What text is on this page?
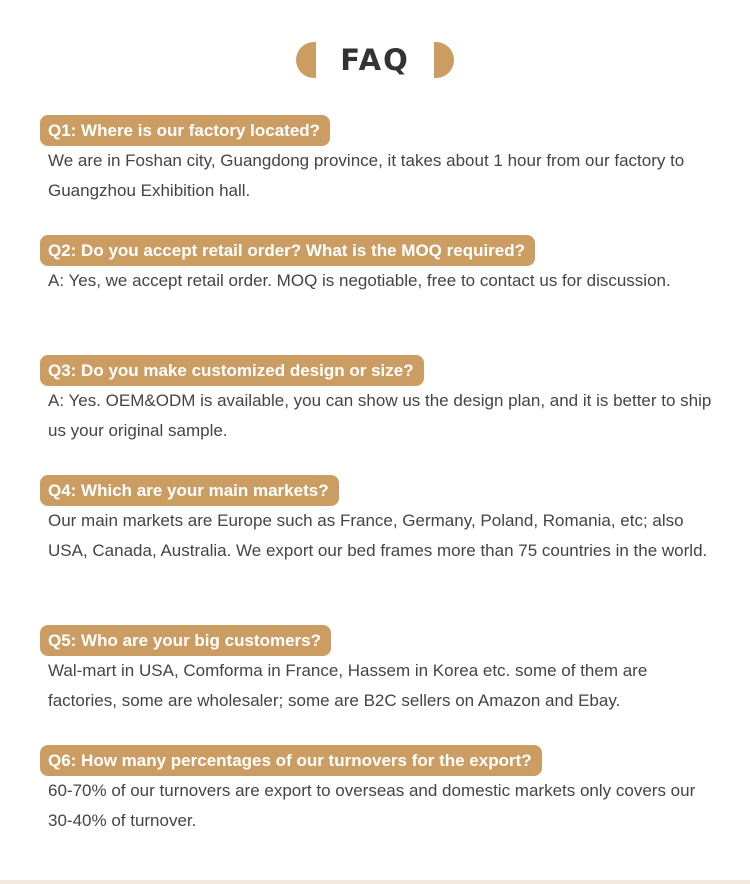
FAQ
Q1: Where is our factory located?

We are in Foshan city, Guangdong province, it takes about 1 hour from our factory to Guangzhou Exhibition hall.

Q2: Do you accept retail order? What is the MOQ required?

A: Yes, we accept retail order. MOQ is negotiable, free to contact us for discussion.

Q3: Do you make customized design or size?

A: Yes. OEM&ODM is available, you can show us the design plan, and it is better to ship us your original sample.

Q4: Which are your main markets?

Our main markets are Europe such as France, Germany, Poland, Romania, etc; also USA, Canada, Australia. We export our bed frames more than 75 countries in the world.

Q5: Who are your big customers?

Wal-mart in USA, Comforma in France, Hassem in Korea etc. some of them are factories, some are wholesaler; some are B2C sellers on Amazon and Ebay.

Q6: How many percentages of our turnovers for the export?

60-70% of our turnovers are export to overseas and domestic markets only covers our 30-40% of turnover.
